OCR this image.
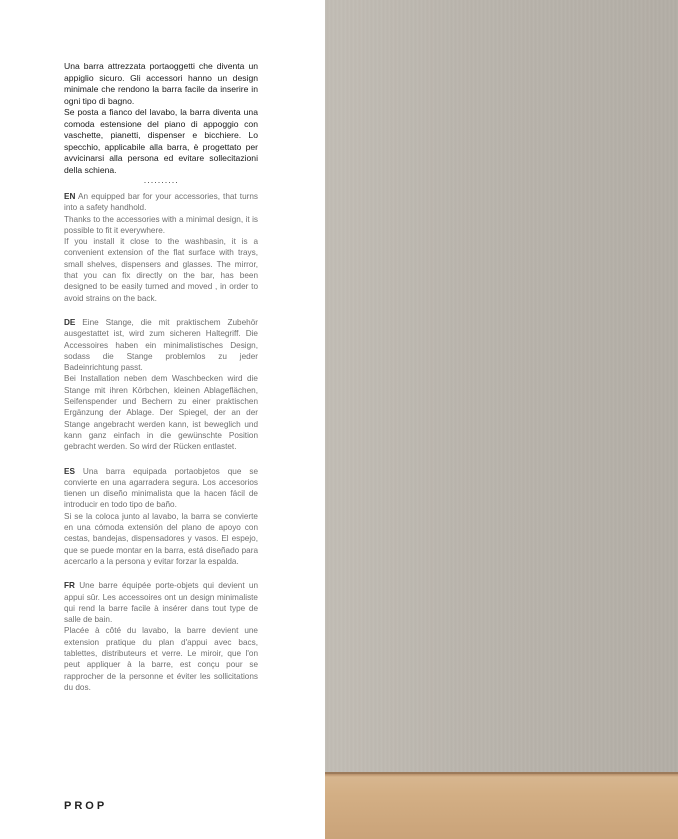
Una barra attrezzata portaoggetti che diventa un appiglio sicuro. Gli accessori hanno un design minimale che rendono la barra facile da inserire in ogni tipo di bagno.

Se posta a fianco del lavabo, la barra diventa una comoda estensione del piano di appoggio con vaschette, pianetti, dispenser e bicchiere. Lo specchio, applicabile alla barra, è progettato per avvicinarsi alla persona ed evitare sollecitazioni della schiena.

··········

EN An equipped bar for your accessories, that turns into a safety handhold.

Thanks to the accessories with a minimal design, it is possible to fit it everywhere.

If you install it close to the washbasin, it is a convenient extension of the flat surface with trays, small shelves, dispensers and glasses. The mirror, that you can fix directly on the bar, has been designed to be easily turned and moved , in order to avoid strains on the back.

DE Eine Stange, die mit praktischem Zubehör ausgestattet ist, wird zum sicheren Haltegriff. Die Accessoires haben ein minimalistisches Design, sodass die Stange problemlos zu jeder Badeinrichtung passt.

Bei Installation neben dem Waschbecken wird die Stange mit ihren Körbchen, kleinen Ablageflächen, Seifenspender und Bechern zu einer praktischen Ergänzung der Ablage. Der Spiegel, der an der Stange angebracht werden kann, ist beweglich und kann ganz einfach in die gewünschte Position gebracht werden. So wird der Rücken entlastet.

ES Una barra equipada portaobjetos que se convierte en una agarradera segura. Los accesorios tienen un diseño minimalista que la hacen fácil de introducir en todo tipo de baño.

Si se la coloca junto al lavabo, la barra se convierte en una cómoda extensión del plano de apoyo con cestas, bandejas, dispensadores y vasos. El espejo, que se puede montar en la barra, está diseñado para acercarlo a la persona y evitar forzar la espalda.

FR Une barre équipée porte-objets qui devient un appui sûr. Les accessoires ont un design minimaliste qui rend la barre facile à insérer dans tout type de salle de bain.

Placée à côté du lavabo, la barre devient une extension pratique du plan d'appui avec bacs, tablettes, distributeurs et verre. Le miroir, que l'on peut appliquer à la barre, est conçu pour se rapprocher de la personne et éviter les sollicitations du dos.

PROP
